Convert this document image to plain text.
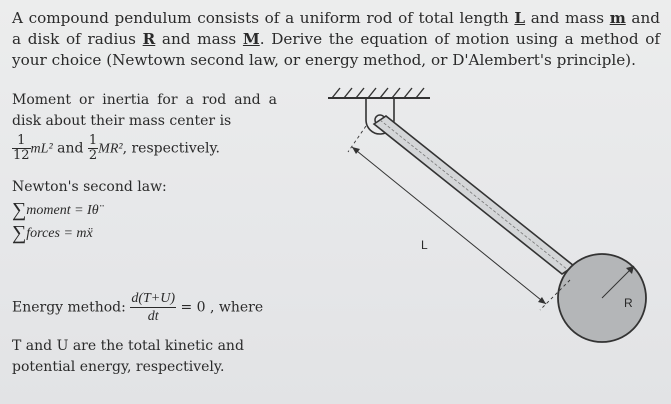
A compound pendulum consists of a uniform rod of total length L and mass m and a disk of radius R and mass M. Derive the equation of motion using a method of your choice (Newtown second law, or energy method, or D'Alembert's principle).
Moment or inertia for a rod and a disk about their mass center is
$\frac{1}{12} mL^2$ and $\frac{1}{2} MR^2$, respectively.
Newton's second law:
∑moment = Iθ̈
∑forces = mẍ
Energy method: $\frac{d(T+U)}{dt} = 0$ , where
T and U are the total kinetic and potential energy, respectively.
L
R
